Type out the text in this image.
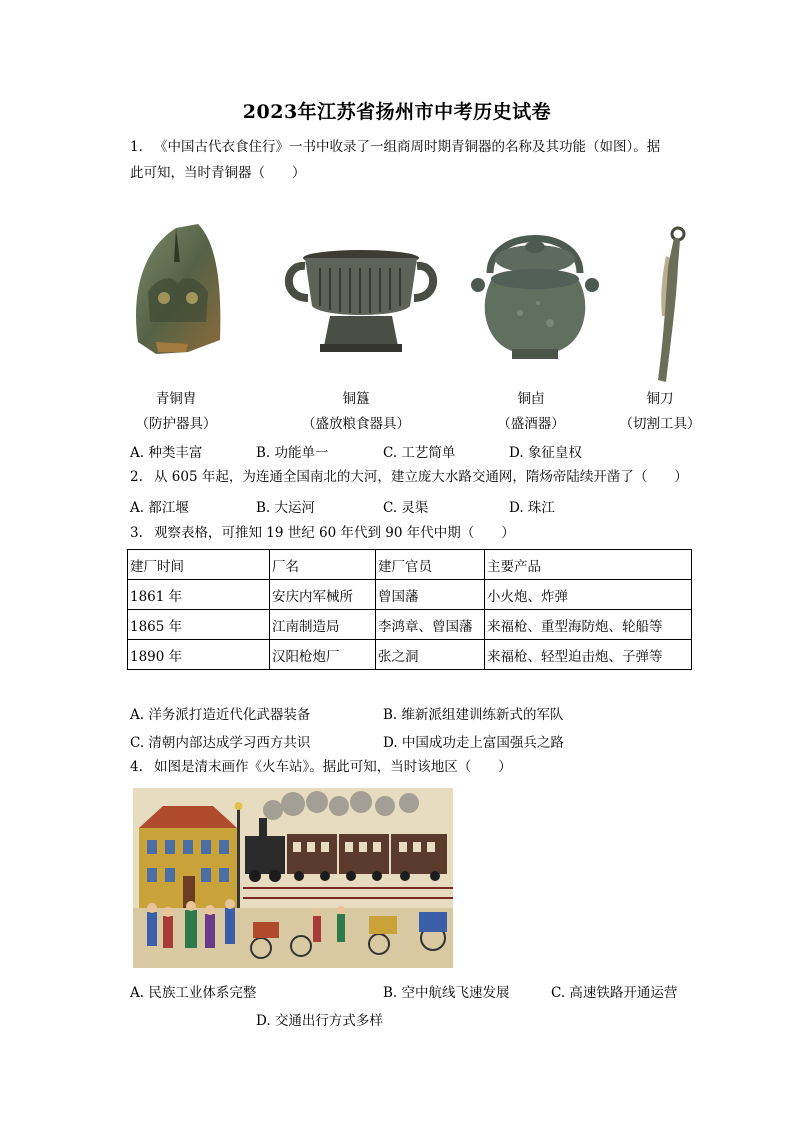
2023年江苏省扬州市中考历史试卷
1. 《中国古代衣食住行》一书中收录了一组商周时期青铜器的名称及其功能（如图）。据
此可知，当时青铜器（　　）
青铜胄
（防护器具）
铜簋
（盛放粮食器具）
铜卣
（盛酒器）
铜刀
（切割工具）
A. 种类丰富	B. 功能单一	C. 工艺简单	D. 象征皇权
2. 从 605 年起，为连通全国南北的大河，建立庞大水路交通网，隋炀帝陆续开凿了（　　）
A. 都江堰	B. 大运河	C. 灵渠	D. 珠江
3. 观察表格，可推知 19 世纪 60 年代到 90 年代中期（　　）
建厂时间	厂名	建厂官员	主要产品
1861 年	安庆内军械所	曾国藩	小火炮、炸弹
1865 年	江南制造局	李鸿章、曾国藩	来福枪、重型海防炮、轮船等
1890 年	汉阳枪炮厂	张之洞	来福枪、轻型迫击炮、子弹等
A. 洋务派打造近代化武器装备	B. 维新派组建训练新式的军队
C. 清朝内部达成学习西方共识	D. 中国成功走上富国强兵之路
4. 如图是清末画作《火车站》。据此可知，当时该地区（　　）
A. 民族工业体系完整	B. 空中航线飞速发展	C. 高速铁路开通运营
D. 交通出行方式多样
